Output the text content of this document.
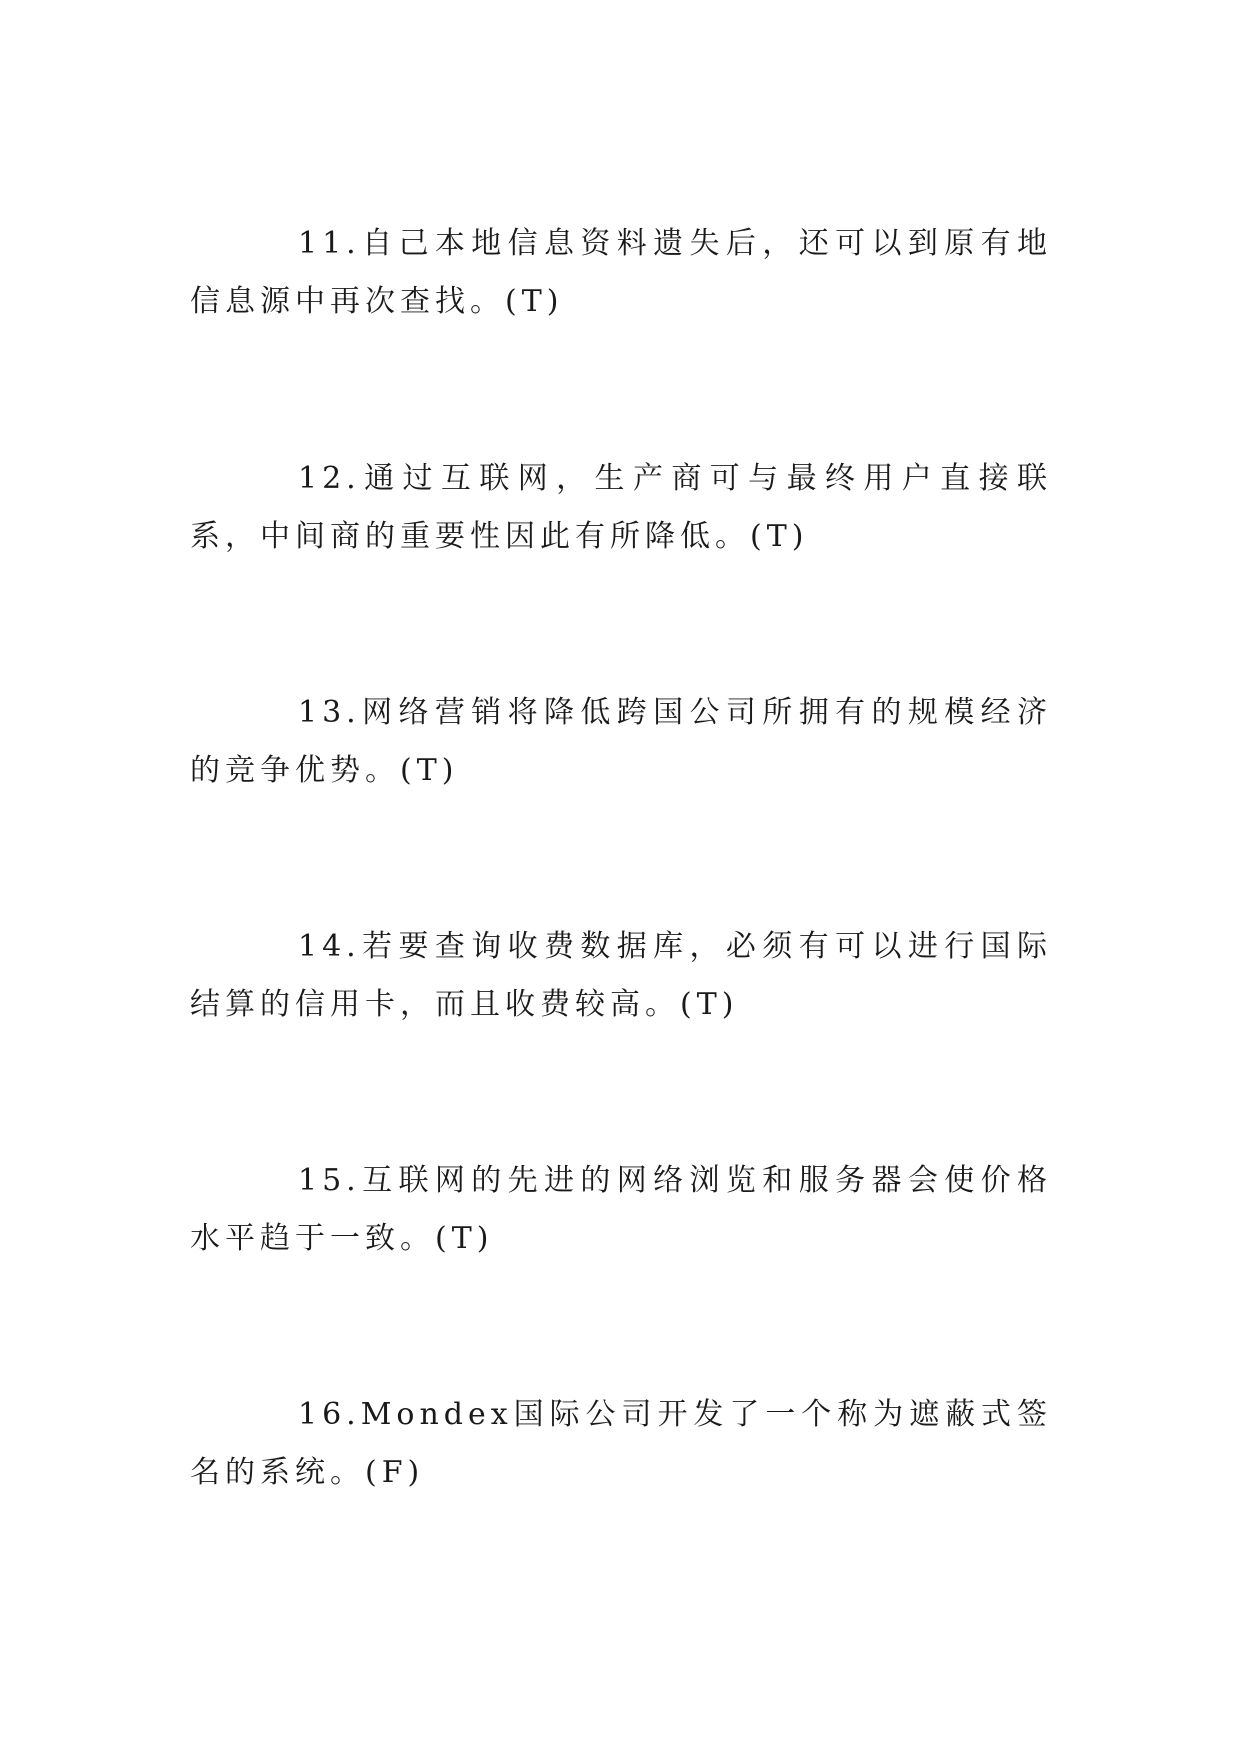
11.自己本地信息资料遗失后，还可以到原有地信息源中再次查找。(T)

12.通过互联网，生产商可与最终用户直接联系，中间商的重要性因此有所降低。(T)

13.网络营销将降低跨国公司所拥有的规模经济的竞争优势。(T)

14.若要查询收费数据库，必须有可以进行国际结算的信用卡，而且收费较高。(T)

15.互联网的先进的网络浏览和服务器会使价格水平趋于一致。(T)

16.Mondex国际公司开发了一个称为遮蔽式签名的系统。(F)
